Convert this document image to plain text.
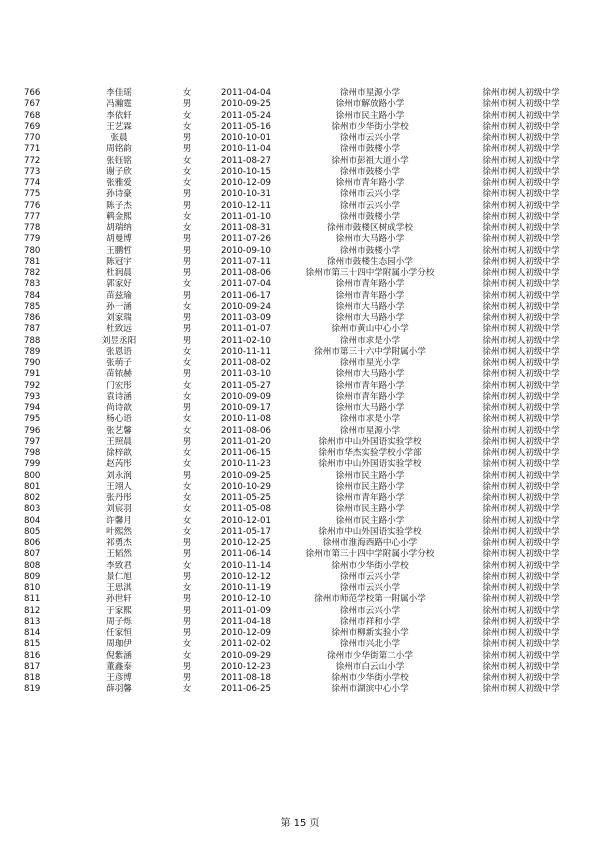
766	李佳瑶	女	2011-04-04	徐州市星源小学	徐州市树人初级中学
767	冯瀚霆	男	2010-09-25	徐州市解放路小学	徐州市树人初级中学
768	李依轩	女	2011-05-24	徐州市民主路小学	徐州市树人初级中学
769	王艺霖	女	2011-05-16	徐州市少华街小学校	徐州市树人初级中学
770	张晨	男	2010-10-01	徐州市云兴小学	徐州市树人初级中学
771	周铭韵	男	2010-11-04	徐州市鼓楼小学	徐州市树人初级中学
772	张钰铭	女	2011-08-27	徐州市彭祖大道小学	徐州市树人初级中学
773	谢子欣	女	2010-10-15	徐州市鼓楼小学	徐州市树人初级中学
774	张雅爱	女	2010-12-09	徐州市青年路小学	徐州市树人初级中学
775	孙诗豪	男	2010-10-31	徐州市云兴小学	徐州市树人初级中学
776	陈子杰	男	2010-12-11	徐州市云兴小学	徐州市树人初级中学
777	鹌金熙	女	2011-01-10	徐州市鼓楼小学	徐州市树人初级中学
778	胡瑞纳	女	2011-08-31	徐州市鼓楼区树成学校	徐州市树人初级中学
779	胡曼博	男	2011-07-26	徐州市大马路小学	徐州市树人初级中学
780	王鹏哲	男	2010-09-10	徐州市鼓楼小学	徐州市树人初级中学
781	陈冠宇	男	2011-07-11	徐州市鼓楼生态园小学	徐州市树人初级中学
782	杜润晨	男	2011-08-06	徐州市第三十四中学附属小学分校	徐州市树人初级中学
783	郭家好	女	2011-07-04	徐州市青年路小学	徐州市树人初级中学
784	苗兹瑜	男	2011-06-17	徐州市青年路小学	徐州市树人初级中学
785	孙一涵	女	2010-09-24	徐州市大马路小学	徐州市树人初级中学
786	刘家瑞	男	2011-03-09	徐州市大马路小学	徐州市树人初级中学
787	杜致远	男	2011-01-07	徐州市黄山中心小学	徐州市树人初级中学
788	刘昱丞阳	男	2011-02-10	徐州市求是小学	徐州市树人初级中学
789	张恩语	女	2010-11-11	徐州市第三十六中学附属小学	徐州市树人初级中学
790	张萌子	女	2011-08-02	徐州市星光小学	徐州市树人初级中学
791	苗铱赫	男	2011-03-10	徐州市大马路小学	徐州市树人初级中学
792	门宏彤	女	2011-05-27	徐州市青年路小学	徐州市树人初级中学
793	袁诗涵	女	2010-09-09	徐州市青年路小学	徐州市树人初级中学
794	尚诗歆	男	2010-09-17	徐州市大马路小学	徐州市树人初级中学
795	杨心语	女	2010-11-08	徐州市求是小学	徐州市树人初级中学
796	张艺馨	女	2011-08-06	徐州市星源小学	徐州市树人初级中学
797	王照晨	男	2011-01-20	徐州市中山外国语实验学校	徐州市树人初级中学
798	徐梓歆	女	2011-06-15	徐州市华杰实验学校小学部	徐州市树人初级中学
799	赵芮彤	女	2010-11-23	徐州市中山外国语实验学校	徐州市树人初级中学
800	刘永润	男	2010-09-25	徐州市民主路小学	徐州市树人初级中学
801	王翊人	女	2010-10-29	徐州市民主路小学	徐州市树人初级中学
802	张丹彤	女	2011-05-25	徐州市青年路小学	徐州市树人初级中学
803	刘宸羽	女	2011-05-08	徐州市民主路小学	徐州市树人初级中学
804	许馨月	女	2010-12-01	徐州市民主路小学	徐州市树人初级中学
805	叶熙然	女	2011-05-17	徐州市中山外国语实验学校	徐州市树人初级中学
806	祁勇杰	男	2010-12-25	徐州市淮海西路中心小学	徐州市树人初级中学
807	王韬然	男	2011-06-14	徐州市第三十四中学附属小学分校	徐州市树人初级中学
808	李致君	女	2010-11-14	徐州市少华街小学校	徐州市树人初级中学
809	景仁旭	男	2010-12-12	徐州市云兴小学	徐州市树人初级中学
810	王思淇	女	2010-11-19	徐州市云兴小学	徐州市树人初级中学
811	孙世轩	男	2010-12-10	徐州市师范学校第一附属小学	徐州市树人初级中学
812	于家熙	男	2011-01-09	徐州市云兴小学	徐州市树人初级中学
813	周子烁	男	2011-04-18	徐州市祥和小学	徐州市树人初级中学
814	任家恒	男	2010-12-09	徐州市柳新实验小学	徐州市树人初级中学
815	周珈伊	女	2011-02-02	徐州市兴北小学	徐州市树人初级中学
816	倪紫涵	女	2010-09-29	徐州市少华街第二小学	徐州市树人初级中学
817	董鑫泰	男	2010-12-23	徐州市白云山小学	徐州市树人初级中学
818	王彦博	男	2011-08-18	徐州市少华街小学校	徐州市树人初级中学
819	薛羽馨	女	2011-06-25	徐州市湖滨中心小学	徐州市树人初级中学
第 15 页
